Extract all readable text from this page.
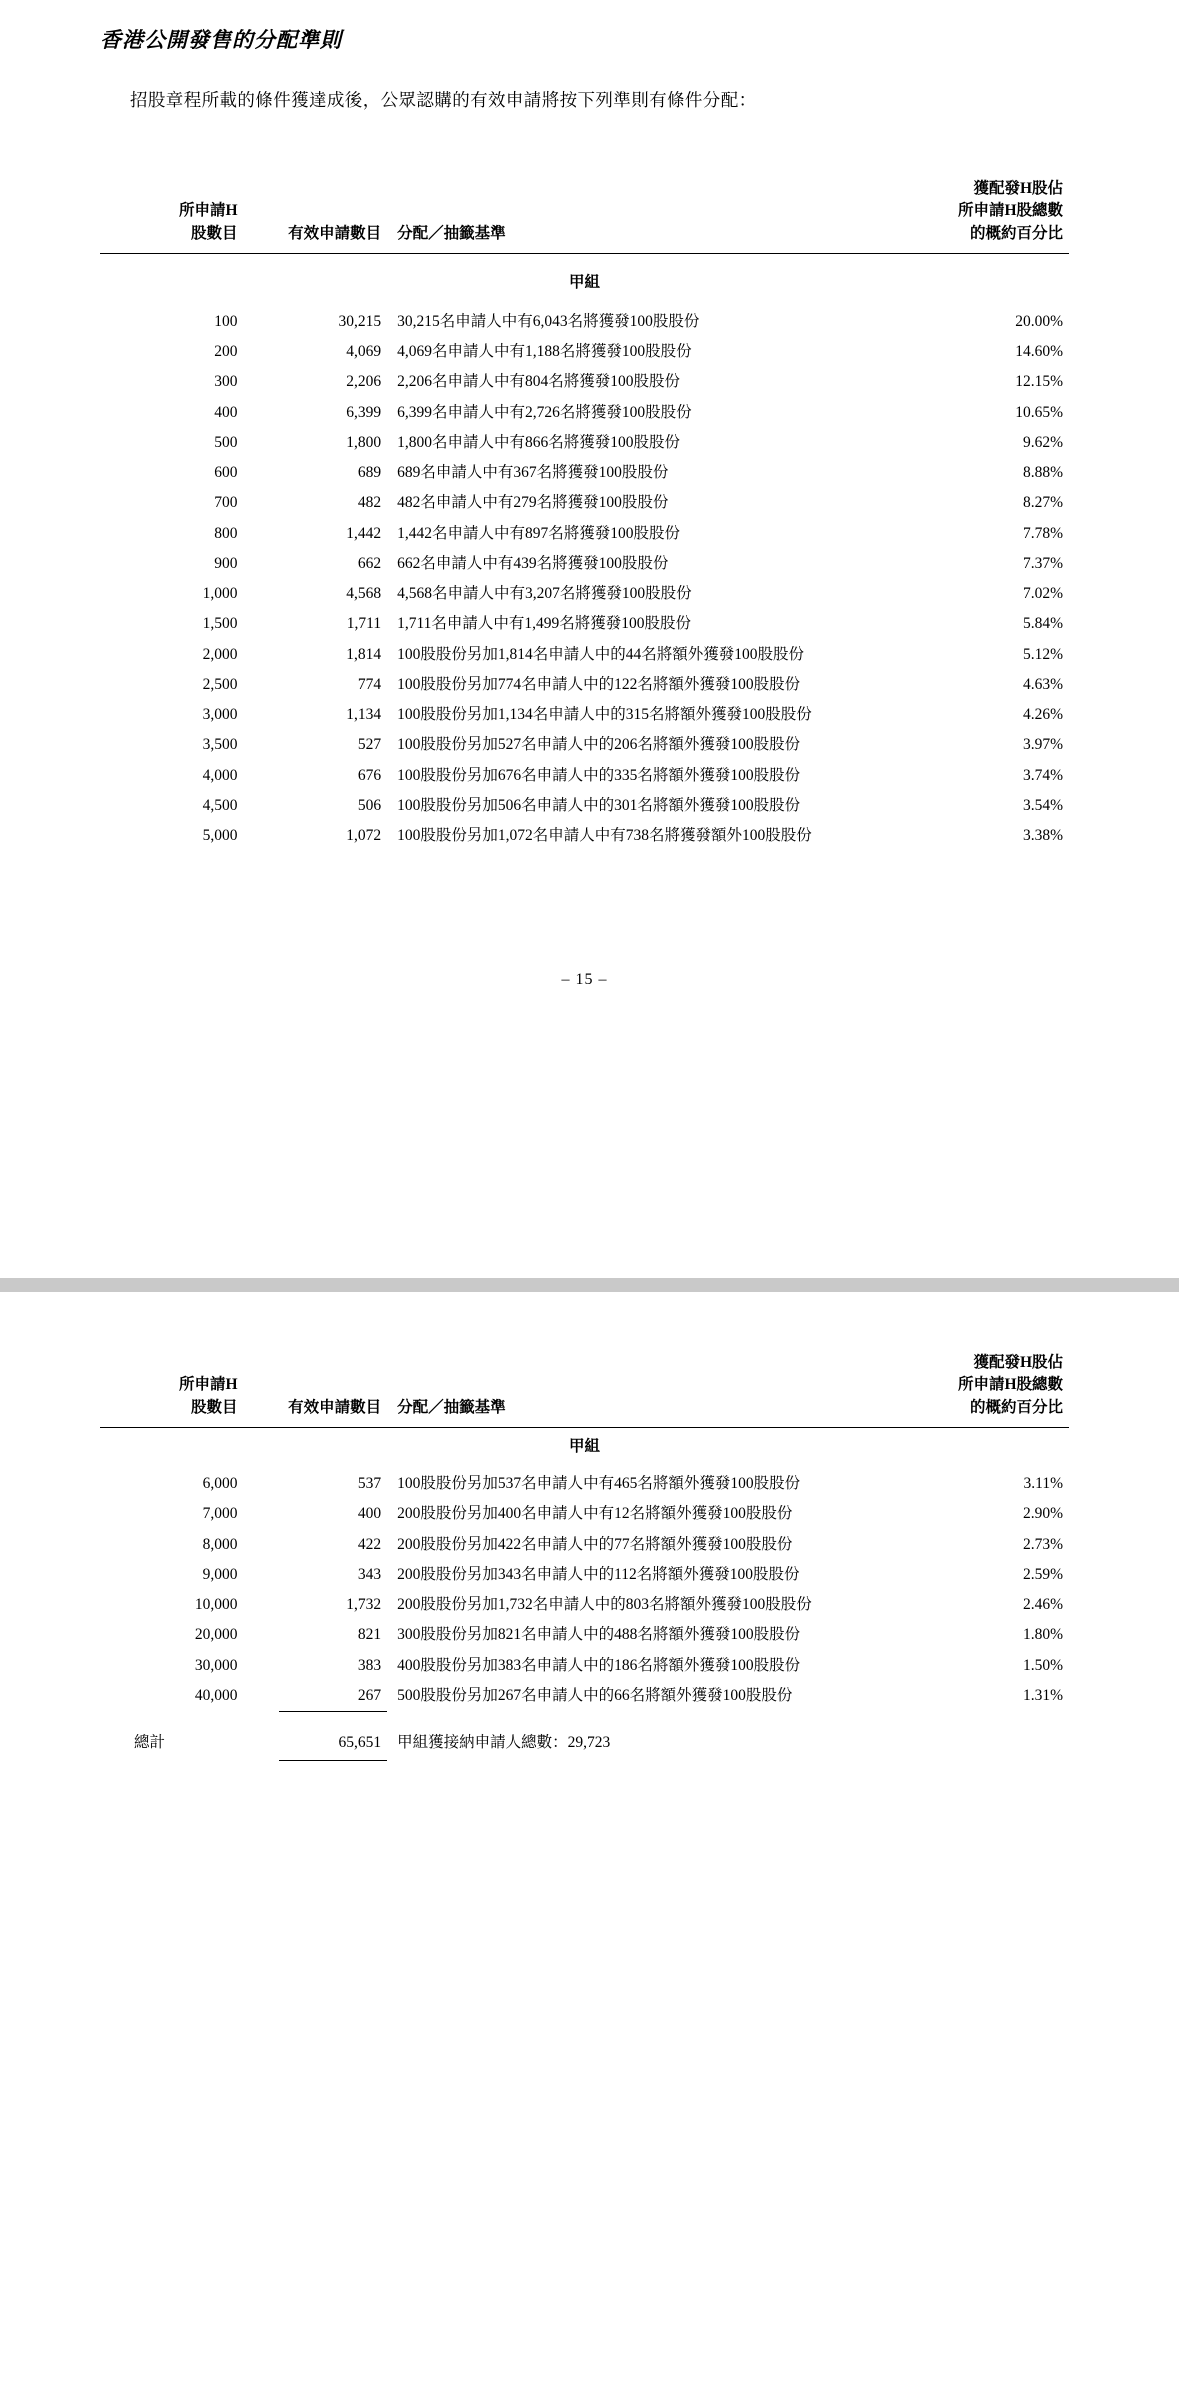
香港公開發售的分配準則
招股章程所載的條件獲達成後，公眾認購的有效申請將按下列準則有條件分配：
所申請H
股數目	有效申請數目	分配／抽籤基準	獲配發H股佔
所申請H股總數
的概約百分比

甲組			
100	30,215	30,215名申請人中有6,043名將獲發100股股份	20.00%
200	4,069	4,069名申請人中有1,188名將獲發100股股份	14.60%
300	2,206	2,206名申請人中有804名將獲發100股股份	12.15%
400	6,399	6,399名申請人中有2,726名將獲發100股股份	10.65%
500	1,800	1,800名申請人中有866名將獲發100股股份	9.62%
600	689	689名申請人中有367名將獲發100股股份	8.88%
700	482	482名申請人中有279名將獲發100股股份	8.27%
800	1,442	1,442名申請人中有897名將獲發100股股份	7.78%
900	662	662名申請人中有439名將獲發100股股份	7.37%
1,000	4,568	4,568名申請人中有3,207名將獲發100股股份	7.02%
1,500	1,711	1,711名申請人中有1,499名將獲發100股股份	5.84%
2,000	1,814	100股股份另加1,814名申請人中的44名將額外獲發100股股份	5.12%
2,500	774	100股股份另加774名申請人中的122名將額外獲發100股股份	4.63%
3,000	1,134	100股股份另加1,134名申請人中的315名將額外獲發100股股份	4.26%
3,500	527	100股股份另加527名申請人中的206名將額外獲發100股股份	3.97%
4,000	676	100股股份另加676名申請人中的335名將額外獲發100股股份	3.74%
4,500	506	100股股份另加506名申請人中的301名將額外獲發100股股份	3.54%
5,000	1,072	100股股份另加1,072名申請人中有738名將獲發額外100股股份	3.38%
– 15 –
所申請H
股數目	有效申請數目	分配／抽籤基準	獲配發H股佔
所申請H股總數
的概約百分比

甲組			
6,000	537	100股股份另加537名申請人中有465名將額外獲發100股股份	3.11%
7,000	400	200股股份另加400名申請人中有12名將額外獲發100股股份	2.90%
8,000	422	200股股份另加422名申請人中的77名將額外獲發100股股份	2.73%
9,000	343	200股股份另加343名申請人中的112名將額外獲發100股股份	2.59%
10,000	1,732	200股股份另加1,732名申請人中的803名將額外獲發100股股份	2.46%
20,000	821	300股股份另加821名申請人中的488名將額外獲發100股股份	1.80%
30,000	383	400股股份另加383名申請人中的186名將額外獲發100股股份	1.50%
40,000	267	500股股份另加267名申請人中的66名將額外獲發100股股份	1.31%

總計	65,651	甲組獲接納申請人總數：29,723	
